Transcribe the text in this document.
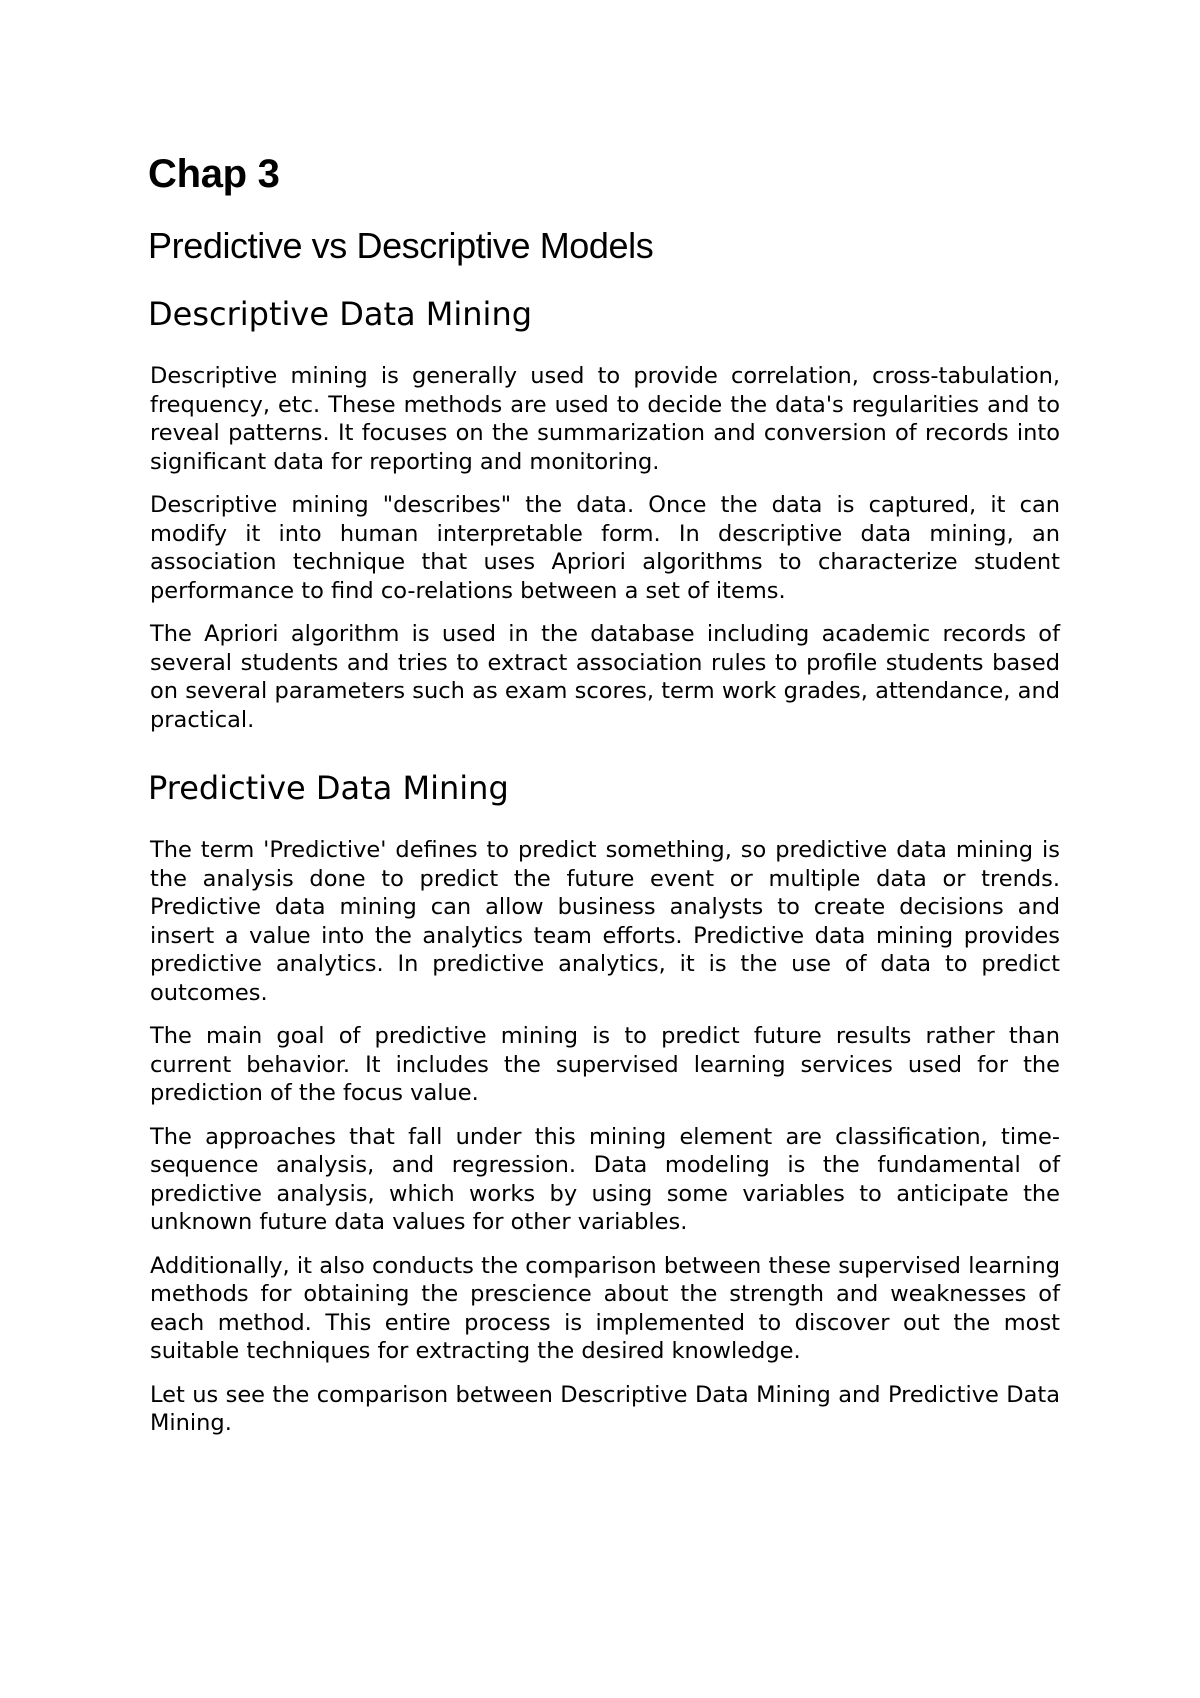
Chap 3
Predictive vs Descriptive Models
Descriptive Data Mining

Descriptive mining is generally used to provide correlation, cross-tabulation, frequency, etc. These methods are used to decide the data's regularities and to reveal patterns. It focuses on the summarization and conversion of records into significant data for reporting and monitoring.

Descriptive mining "describes" the data. Once the data is captured, it can modify it into human interpretable form. In descriptive data mining, an association technique that uses Apriori algorithms to characterize student performance to find co-relations between a set of items.

The Apriori algorithm is used in the database including academic records of several students and tries to extract association rules to profile students based on several parameters such as exam scores, term work grades, attendance, and practical.

Predictive Data Mining

The term 'Predictive' defines to predict something, so predictive data mining is the analysis done to predict the future event or multiple data or trends. Predictive data mining can allow business analysts to create decisions and insert a value into the analytics team efforts. Predictive data mining provides predictive analytics. In predictive analytics, it is the use of data to predict outcomes.

The main goal of predictive mining is to predict future results rather than current behavior. It includes the supervised learning services used for the prediction of the focus value.

The approaches that fall under this mining element are classification, time-sequence analysis, and regression. Data modeling is the fundamental of predictive analysis, which works by using some variables to anticipate the unknown future data values for other variables.

Additionally, it also conducts the comparison between these supervised learning methods for obtaining the prescience about the strength and weaknesses of each method. This entire process is implemented to discover out the most suitable techniques for extracting the desired knowledge.

Let us see the comparison between Descriptive Data Mining and Predictive Data Mining.
